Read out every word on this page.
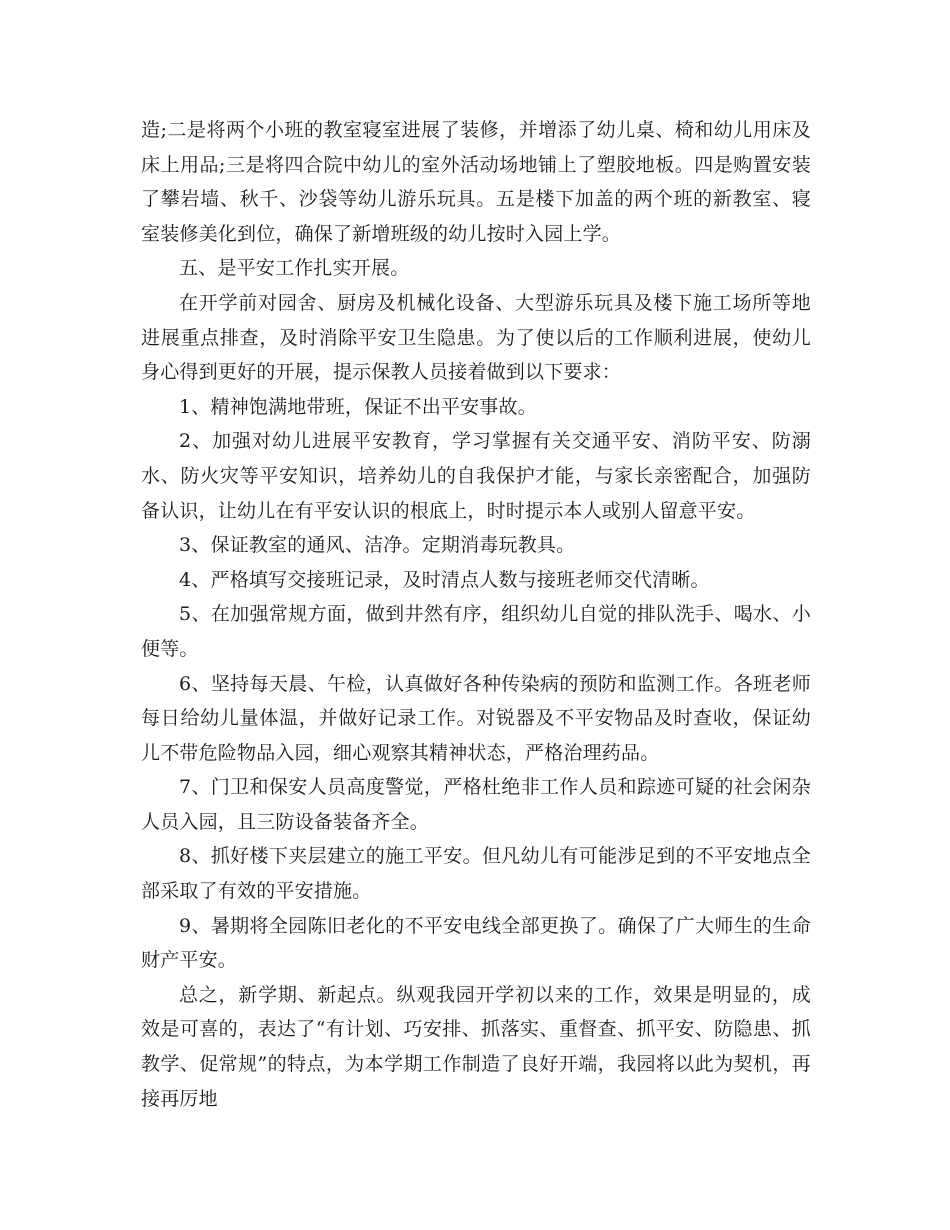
造;二是将两个小班的教室寝室进展了装修，并增添了幼儿桌、椅和幼儿用床及床上用品;三是将四合院中幼儿的室外活动场地铺上了塑胶地板。四是购置安装了攀岩墙、秋千、沙袋等幼儿游乐玩具。五是楼下加盖的两个班的新教室、寝室装修美化到位，确保了新增班级的幼儿按时入园上学。

五、是平安工作扎实开展。

在开学前对园舍、厨房及机械化设备、大型游乐玩具及楼下施工场所等地进展重点排查，及时消除平安卫生隐患。为了使以后的工作顺利进展，使幼儿身心得到更好的开展，提示保教人员接着做到以下要求：

1、精神饱满地带班，保证不出平安事故。

2、加强对幼儿进展平安教育，学习掌握有关交通平安、消防平安、防溺水、防火灾等平安知识，培养幼儿的自我保护才能，与家长亲密配合，加强防备认识，让幼儿在有平安认识的根底上，时时提示本人或别人留意平安。

3、保证教室的通风、洁净。定期消毒玩教具。

4、严格填写交接班记录，及时清点人数与接班老师交代清晰。

5、在加强常规方面，做到井然有序，组织幼儿自觉的排队洗手、喝水、小便等。

6、坚持每天晨、午检，认真做好各种传染病的预防和监测工作。各班老师每日给幼儿量体温，并做好记录工作。对锐器及不平安物品及时查收，保证幼儿不带危险物品入园，细心观察其精神状态，严格治理药品。

7、门卫和保安人员高度警觉，严格杜绝非工作人员和踪迹可疑的社会闲杂人员入园，且三防设备装备齐全。

8、抓好楼下夹层建立的施工平安。但凡幼儿有可能涉足到的不平安地点全部采取了有效的平安措施。

9、暑期将全园陈旧老化的不平安电线全部更换了。确保了广大师生的生命财产平安。

总之，新学期、新起点。纵观我园开学初以来的工作，效果是明显的，成效是可喜的，表达了“有计划、巧安排、抓落实、重督查、抓平安、防隐患、抓教学、促常规”的特点，为本学期工作制造了良好开端，我园将以此为契机，再接再厉地
